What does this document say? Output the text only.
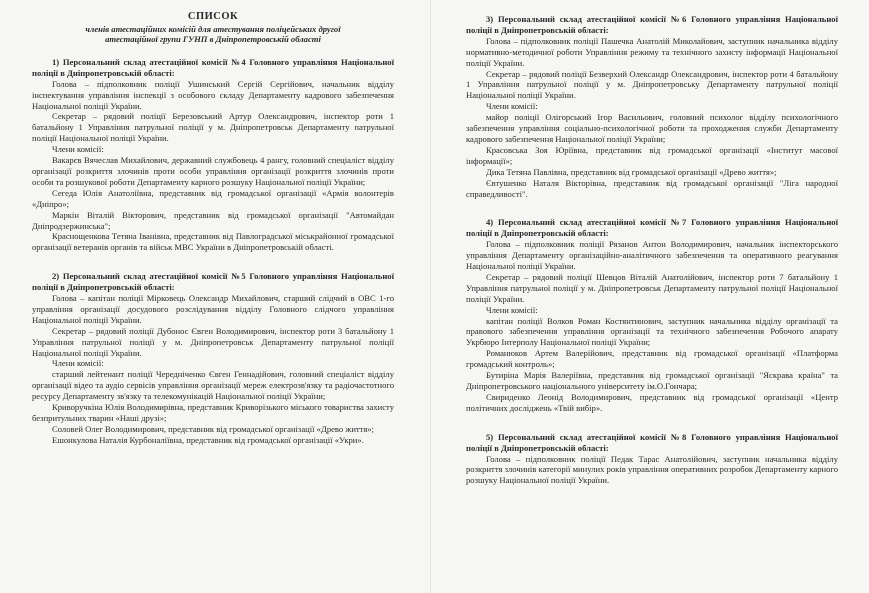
СПИСОК
членів атестаційних комісій для атестування поліцейських другої
атестаційної групи ГУНП в Дніпропетровській області
1) Персональний склад атестаційної комісії №4 Головного управління Національної поліції в Дніпропетровській області:

Голова – підполковник поліції Ушинський Сергій Сергійович, начальник відділу інспектування управління інспекції з особового складу Департаменту кадрового забезпечення Національної поліції України.

Секретар – рядовий поліції Березовський Артур Олександрович, інспектор роти 1 батальйону 1 Управління патрульної поліції у м. Дніпропетровськ Департаменту патрульної поліції Національної поліції України.

Члени комісії:

Вакарєв Вячеслав Михайлович, державний службовець 4 рангу, головний спеціаліст відділу організації розкриття злочинів проти особи управління організації розкриття злочинів проти особи та розшукової роботи Департаменту карного розшуку Національної поліції України;

Сегеда Юлія Анатоліївна, представник від громадської організації «Армія волонтерів «Дніпро»;

Маркін Віталій Вікторович, представник від громадської організації "Автомайдан Дніпродзержинська";

Краснощенкова Тетяна Іванівна, представник від Павлоградської міськрайонної громадської організації ветеранів органів та військ МВС України в Дніпропетровській області.

2) Персональний склад атестаційної комісії №5 Головного управління Національної поліції в Дніпропетровській області:

Голова – капітан поліції Мірковець Олександр Михайлович, старший слідчий в ОВС 1-го управління організації досудового розслідування відділу Головного слідчого управління Національної поліції України.

Секретар – рядовий поліції Дубонос Євген Володимирович, інспектор роти 3 батальйону 1 Управління патрульної поліції у м. Дніпропетровськ Департаменту патрульної поліції Національної поліції України.

Члени комісії:

старший лейтенант поліції Чередніченко Євген Геннадійович, головний спеціаліст відділу організації відео та аудіо сервісів управління організації мереж електрозв'язку та радіочастотного ресурсу Департаменту зв'язку та телекомунікацій Національної поліції України;

Криворучкіна Юлія Володимирівна, представник Криворізького міського товариства захисту безпритульних тварин «Наші друзі»;

Соловей Олег Володимирович, представник від громадської організації «Древо життя»;

Ешонкулова Наталія Курбоналіївна, представник від громадської організації «Укри».

3) Персональний склад атестаційної комісії №6 Головного управління Національної поліції в Дніпропетровській області:

Голова – підполковник поліції Пашечка Анатолій Миколайович, заступник начальника відділу нормативно-методичної роботи Управління режиму та технічного захисту інформації Національної поліції України.

Секретар – рядовий поліції Безверхий Олександр Олександрович, інспектор роти 4 батальйону 1 Управління патрульної поліції у м. Дніпропетровську Департаменту патрульної поліції Національної поліції України.

Члени комісії:

майор поліції Олігорський Ігор Васильович, головний психолог відділу психологічного забезпечення управління соціально-психологічної роботи та проходження служби Департаменту кадрового забезпечення Національної поліції України;

Красовська Зоя Юріївна, представник від громадської організації «Інститут масової інформації»;

Дика Тетяна Павлівна, представник від громадської організації «Древо життя»;

Євтушенко Наталя Вікторівна, представник від громадської організації "Ліга народної справедливості".

4) Персональний склад атестаційної комісії №7 Головного управління Національної поліції в Дніпропетровській області:

Голова – підполковник поліції Рязанов Антон Володимирович, начальник інспекторського управління Департаменту організаційно-аналітичного забезпечення та оперативного реагування Національної поліції України.

Секретар – рядовий поліції Шевцов Віталій Анатолійович, інспектор роти 7 батальйону 1 Управління патрульної поліції у м. Дніпропетровськ Департаменту патрульної поліції Національної поліції України.

Члени комісії:

капітан поліції Волков Роман Костянтинович, заступник начальника відділу організації та правового забезпечення управління організації та технічного забезпечення Робочого апарату Укрбюро Інтерполу Національної поліції України;

Романюков Артем Валерійович, представник від громадської організації «Платформа громадський контроль»;

Бутиріна Марія Валеріївна, представник від громадської організації "Яскрава країна" та Дніпропетровського національного університету ім.О.Гончара;

Свириденко Леонід Володимирович, представник від громадської організації «Центр політичних досліджень «Твій вибір».

5) Персональний склад атестаційної комісії №8 Головного управління Національної поліції в Дніпропетровській області:

Голова – підполковник поліції Педак Тарас Анатолійович, заступник начальника відділу розкриття злочинів категорії минулих років управління оперативних розробок Департаменту карного розшуку Національної поліції України.
